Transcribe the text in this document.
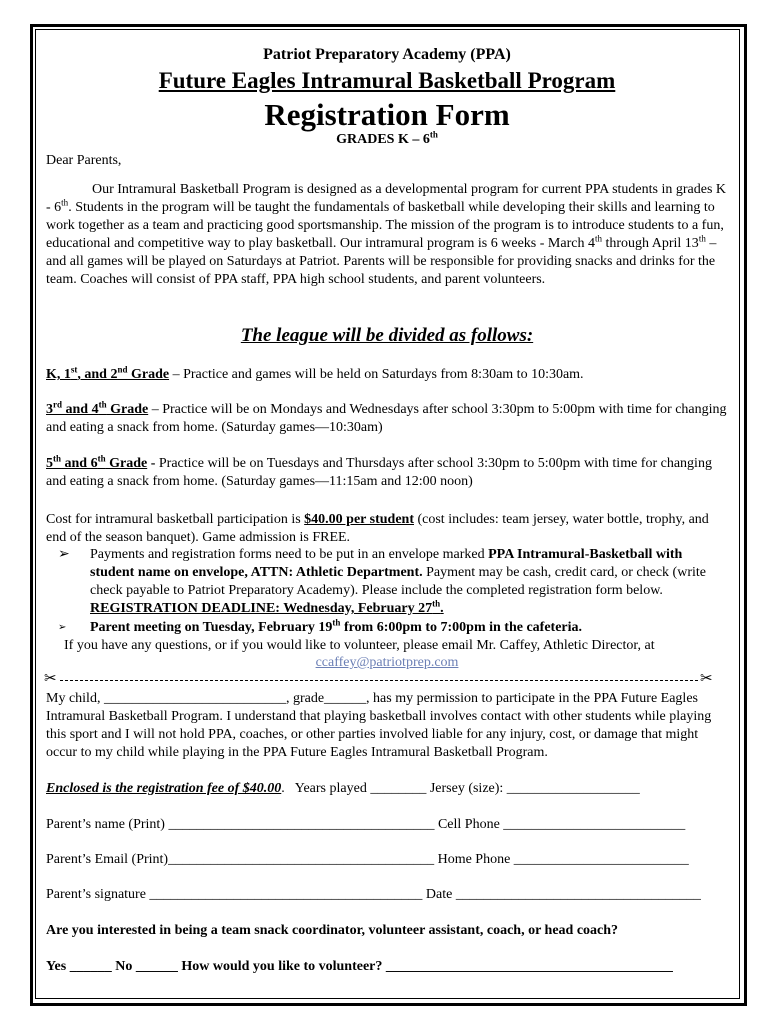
Patriot Preparatory Academy (PPA)
Future Eagles Intramural Basketball Program
Registration Form
GRADES K – 6th
Dear Parents,
Our Intramural Basketball Program is designed as a developmental program for current PPA students in grades K - 6th. Students in the program will be taught the fundamentals of basketball while developing their skills and learning to work together as a team and practicing good sportsmanship. The mission of the program is to introduce students to a fun, educational and competitive way to play basketball. Our intramural program is 6 weeks - March 4th through April 13th – and all games will be played on Saturdays at Patriot. Parents will be responsible for providing snacks and drinks for the team. Coaches will consist of PPA staff, PPA high school students, and parent volunteers.
The league will be divided as follows:
K, 1st, and 2nd Grade – Practice and games will be held on Saturdays from 8:30am to 10:30am.
3rd and 4th Grade – Practice will be on Mondays and Wednesdays after school 3:30pm to 5:00pm with time for changing and eating a snack from home. (Saturday games—10:30am)
5th and 6th Grade - Practice will be on Tuesdays and Thursdays after school 3:30pm to 5:00pm with time for changing and eating a snack from home. (Saturday games—11:15am and 12:00 noon)
Cost for intramural basketball participation is $40.00 per student (cost includes: team jersey, water bottle, trophy, and end of the season banquet). Game admission is FREE.
➢ Payments and registration forms need to be put in an envelope marked PPA Intramural-Basketball with student name on envelope, ATTN: Athletic Department. Payment may be cash, credit card, or check (write check payable to Patriot Preparatory Academy). Please include the completed registration form below. REGISTRATION DEADLINE: Wednesday, February 27th.
➢ Parent meeting on Tuesday, February 19th from 6:00pm to 7:00pm in the cafeteria.
If you have any questions, or if you would like to volunteer, please email Mr. Caffey, Athletic Director, at
ccaffey@patriotprep.com
✂	✂
My child, __________________________, grade______, has my permission to participate in the PPA Future Eagles Intramural Basketball Program. I understand that playing basketball involves contact with other students while playing this sport and I will not hold PPA, coaches, or other parties involved liable for any injury, cost, or damage that might occur to my child while playing in the PPA Future Eagles Intramural Basketball Program.
Enclosed is the registration fee of $40.00.   Years played ________ Jersey (size): ___________________
Parent’s name (Print) ______________________________________ Cell Phone __________________________
Parent’s Email (Print)______________________________________ Home Phone _________________________
Parent’s signature _______________________________________ Date ___________________________________
Are you interested in being a team snack coordinator, volunteer assistant, coach, or head coach?
Yes ______ No ______ How would you like to volunteer? _________________________________________
